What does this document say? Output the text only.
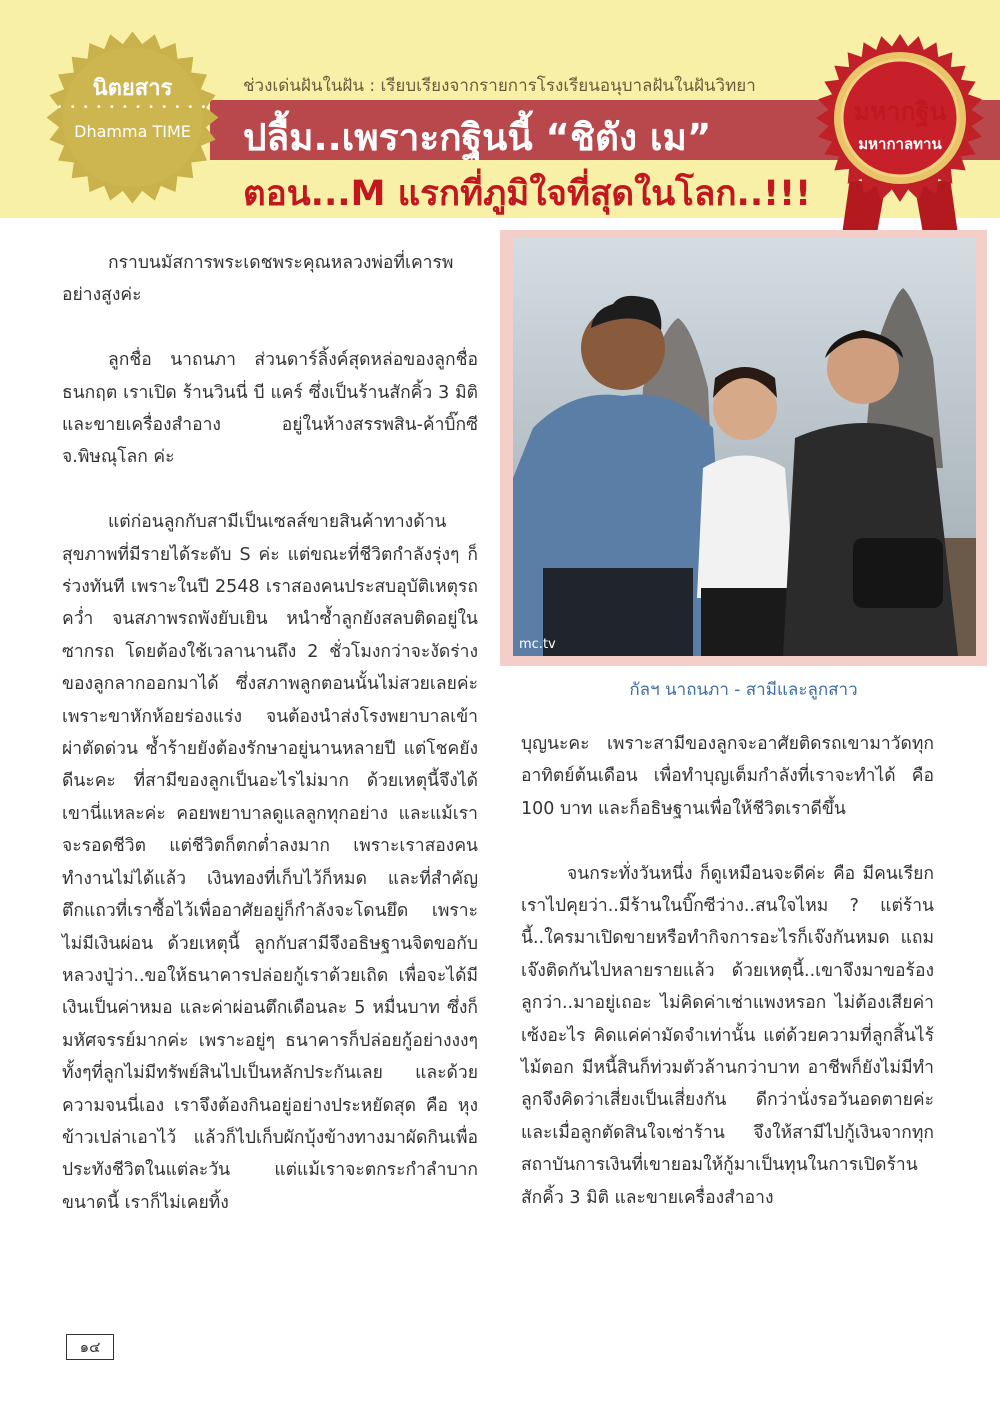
ช่วงเด่นฝันในฝัน : เรียบเรียงจากรายการโรงเรียนอนุบาลฝันในฝันวิทยา
ปลื้ม..เพราะกฐินนี้ “ชิตัง เม”
ตอน...M แรกที่ภูมิใจที่สุดในโลก..!!!
นิตยสาร
• • • • • • • • • • • •
Dhamma TIME
มหากฐิน
มหากาลทาน
mc.tv
กัลฯ นาถนภา - สามีและลูกสาว

กราบนมัสการพระเดชพระคุณหลวงพ่อที่เคารพอย่างสูงค่ะ

ลูกชื่อ นาถนภา ส่วนดาร์ลิ้งค์สุดหล่อของลูกชื่อ ธนกฤต เราเปิด ร้านวินนี่ บี แคร์ ซึ่งเป็นร้านสักคิ้ว 3 มิติและขายเครื่องสำอาง อยู่ในห้างสรรพสิน-ค้าบิ๊กซี จ.พิษณุโลก ค่ะ

แต่ก่อนลูกกับสามีเป็นเซลส์ขายสินค้าทางด้านสุขภาพที่มีรายได้ระดับ S ค่ะ แต่ขณะที่ชีวิตกำลังรุ่งๆ ก็ร่วงทันที เพราะในปี 2548 เราสองคนประสบอุบัติเหตุรถคว่ำ จนสภาพรถพังยับเยิน หนำซ้ำลูกยังสลบติดอยู่ในซากรถ โดยต้องใช้เวลานานถึง 2 ชั่วโมงกว่าจะงัดร่างของลูกลากออกมาได้ ซึ่งสภาพลูกตอนนั้นไม่สวยเลยค่ะ เพราะขาหักห้อยร่องแร่ง จนต้องนำส่งโรงพยาบาลเข้าผ่าตัดด่วน ซ้ำร้ายยังต้องรักษาอยู่นานหลายปี แต่โชคยังดีนะคะ ที่สามีของลูกเป็นอะไรไม่มาก ด้วยเหตุนี้จึงได้เขานี่แหละค่ะ คอยพยาบาลดูแลลูกทุกอย่าง และแม้เราจะรอดชีวิต แต่ชีวิตก็ตกต่ำลงมาก เพราะเราสองคนทำงานไม่ได้แล้ว เงินทองที่เก็บไว้ก็หมด และที่สำคัญตึกแถวที่เราซื้อไว้เพื่ออาศัยอยู่ก็กำลังจะโดนยึด เพราะไม่มีเงินผ่อน ด้วยเหตุนี้ ลูกกับสามีจึงอธิษฐานจิตขอกับหลวงปู่ว่า..ขอให้ธนาคารปล่อยกู้เราด้วยเถิด เพื่อจะได้มีเงินเป็นค่าหมอ และค่าผ่อนตึกเดือนละ 5 หมื่นบาท ซึ่งก็มหัศจรรย์มากค่ะ เพราะอยู่ๆ ธนาคารก็ปล่อยกู้อย่างงงๆ ทั้งๆที่ลูกไม่มีทรัพย์สินไปเป็นหลักประกันเลย และด้วยความจนนี่เอง เราจึงต้องกินอยู่อย่างประหยัดสุด คือ หุงข้าวเปล่าเอาไว้ แล้วก็ไปเก็บผักบุ้งข้างทางมาผัดกินเพื่อประทังชีวิตในแต่ละวัน แต่แม้เราจะตกระกำลำบากขนาดนี้ เราก็ไม่เคยทิ้ง

บุญนะคะ เพราะสามีของลูกจะอาศัยติดรถเขามาวัดทุกอาทิตย์ต้นเดือน เพื่อทำบุญเต็มกำลังที่เราจะทำได้ คือ 100 บาท และก็อธิษฐานเพื่อให้ชีวิตเราดีขึ้น

จนกระทั่งวันหนึ่ง ก็ดูเหมือนจะดีค่ะ คือ มีคนเรียกเราไปคุยว่า..มีร้านในบิ๊กซีว่าง..สนใจไหม ? แต่ร้านนี้..ใครมาเปิดขายหรือทำกิจการอะไรก็เจ๊งกันหมด แถมเจ๊งติดกันไปหลายรายแล้ว ด้วยเหตุนี้..เขาจึงมาขอร้องลูกว่า..มาอยู่เถอะ ไม่คิดค่าเช่าแพงหรอก ไม่ต้องเสียค่าเซ้งอะไร คิดแค่ค่ามัดจำเท่านั้น แต่ด้วยความที่ลูกสิ้นไร้ไม้ตอก มีหนี้สินก็ท่วมตัวล้านกว่าบาท อาชีพก็ยังไม่มีทำ ลูกจึงคิดว่าเสี่ยงเป็นเสี่ยงกัน ดีกว่านั่งรอวันอดตายค่ะ และเมื่อลูกตัดสินใจเช่าร้าน จึงให้สามีไปกู้เงินจากทุกสถาบันการเงินที่เขายอมให้กู้มาเป็นทุนในการเปิดร้านสักคิ้ว 3 มิติ และขายเครื่องสำอาง

๑๔
